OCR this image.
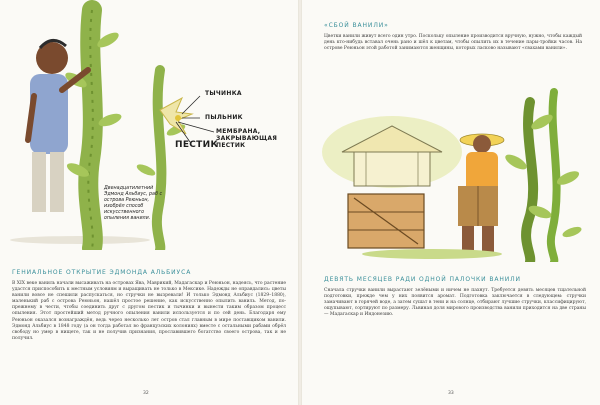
ТЫЧИНКА
ПЫЛЬНИК
ПЕСТИК
МЕМБРАНА, ЗАКРЫВАЮЩАЯ ПЕСТИК
Двенадцатилетний Эдмонд Альбиус, раб с острова Реюньон, изобрёл способ искусственного опыления ванили.
ГЕНИАЛЬНОЕ ОТКРЫТИЕ ЭДМОНДА АЛЬБИУСА
В XIX веке ваниль начали высаживать на островах Ява, Маврикий, Мадагаскар и Реюньон, надеясь, что растение удастся приспособить к местным условиям и выращивать не только в Мексике. Надежды не оправдались: цветы ванили вовсе не спешили распускаться, но стручки не вызревали! И только Эдмонд Альбиус (1829–1880), маленький раб с острова Реюньон, нашёл простое решение, как искусственно опылить ваниль. Метод, по-прежнему в чести, чтобы соединить друг с другом пестик и тычинки и вынести таким образом процесс опыления. Этот простейший метод ручного опыления ванили используется и по сей день. Благодаря ему Реюньон оказался вознаграждён, ведь через несколько лет остров стал главным в мире поставщиком ванили. Эдмонд Альбиус в 1848 году (а он тогда работал во французских колониях) вместе с остальными рабами обрёл свободу но умер в нищете, так и не получив признания, прославившего богатство своего острова, так и не получил.
32
«СБОЙ ВАНИЛИ»
Цветки ванили живут всего один утро. Поскольку опыление производится вручную, нужно, чтобы каждый день кто-нибудь вставал очень рано и шёл к цветам, чтобы опылить их в течение пары-тройки часов. На острове Реюньон этой работой занимаются женщины, которых ласково называют «свахами ванили».
ДЕВЯТЬ МЕСЯЦЕВ РАДИ ОДНОЙ ПАЛОЧКИ ВАНИЛИ
Сначала стручки ванили вырастают зелёными и ничем не пахнут. Требуется девять месяцев тщательной подготовки, прежде чем у них появится аромат. Подготовка заключается в следующем: стручки замачивают в горячей воде, а затем сушат в тени и на солнце, отбирают лучшие стручки, классифицируют, ощупывают, сортируют по размеру. Львиная доля мирового производства ванили приходится на две страны — Мадагаскар и Индонезию.
33
